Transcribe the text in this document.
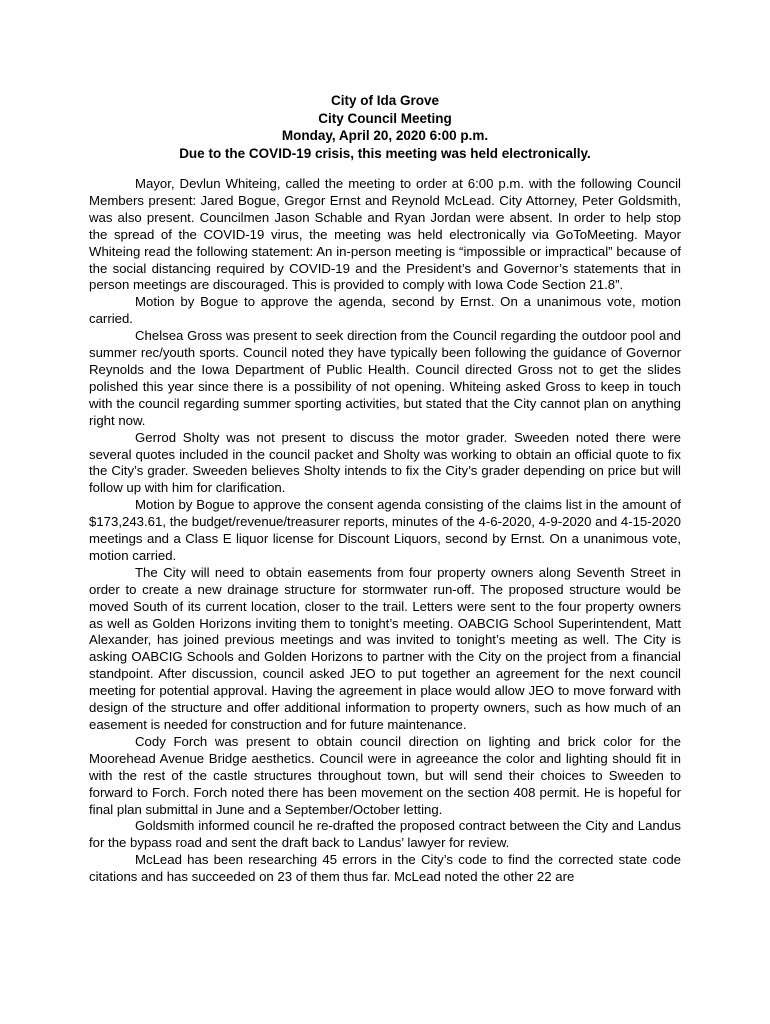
City of Ida Grove
City Council Meeting
Monday, April 20, 2020 6:00 p.m.
Due to the COVID-19 crisis, this meeting was held electronically.

Mayor, Devlun Whiteing, called the meeting to order at 6:00 p.m. with the following Council Members present: Jared Bogue, Gregor Ernst and Reynold McLead. City Attorney, Peter Goldsmith, was also present. Councilmen Jason Schable and Ryan Jordan were absent. In order to help stop the spread of the COVID-19 virus, the meeting was held electronically via GoToMeeting. Mayor Whiteing read the following statement: An in-person meeting is “impossible or impractical” because of the social distancing required by COVID-19 and the President’s and Governor’s statements that in person meetings are discouraged. This is provided to comply with Iowa Code Section 21.8”.

Motion by Bogue to approve the agenda, second by Ernst. On a unanimous vote, motion carried.

Chelsea Gross was present to seek direction from the Council regarding the outdoor pool and summer rec/youth sports. Council noted they have typically been following the guidance of Governor Reynolds and the Iowa Department of Public Health. Council directed Gross not to get the slides polished this year since there is a possibility of not opening. Whiteing asked Gross to keep in touch with the council regarding summer sporting activities, but stated that the City cannot plan on anything right now.

Gerrod Sholty was not present to discuss the motor grader. Sweeden noted there were several quotes included in the council packet and Sholty was working to obtain an official quote to fix the City’s grader. Sweeden believes Sholty intends to fix the City’s grader depending on price but will follow up with him for clarification.

Motion by Bogue to approve the consent agenda consisting of the claims list in the amount of $173,243.61, the budget/revenue/treasurer reports, minutes of the 4-6-2020, 4-9-2020 and 4-15-2020 meetings and a Class E liquor license for Discount Liquors, second by Ernst. On a unanimous vote, motion carried.

The City will need to obtain easements from four property owners along Seventh Street in order to create a new drainage structure for stormwater run-off. The proposed structure would be moved South of its current location, closer to the trail. Letters were sent to the four property owners as well as Golden Horizons inviting them to tonight’s meeting. OABCIG School Superintendent, Matt Alexander, has joined previous meetings and was invited to tonight’s meeting as well. The City is asking OABCIG Schools and Golden Horizons to partner with the City on the project from a financial standpoint. After discussion, council asked JEO to put together an agreement for the next council meeting for potential approval. Having the agreement in place would allow JEO to move forward with design of the structure and offer additional information to property owners, such as how much of an easement is needed for construction and for future maintenance.

Cody Forch was present to obtain council direction on lighting and brick color for the Moorehead Avenue Bridge aesthetics. Council were in agreeance the color and lighting should fit in with the rest of the castle structures throughout town, but will send their choices to Sweeden to forward to Forch. Forch noted there has been movement on the section 408 permit. He is hopeful for final plan submittal in June and a September/October letting.

Goldsmith informed council he re-drafted the proposed contract between the City and Landus for the bypass road and sent the draft back to Landus’ lawyer for review.

McLead has been researching 45 errors in the City’s code to find the corrected state code citations and has succeeded on 23 of them thus far. McLead noted the other 22 are
